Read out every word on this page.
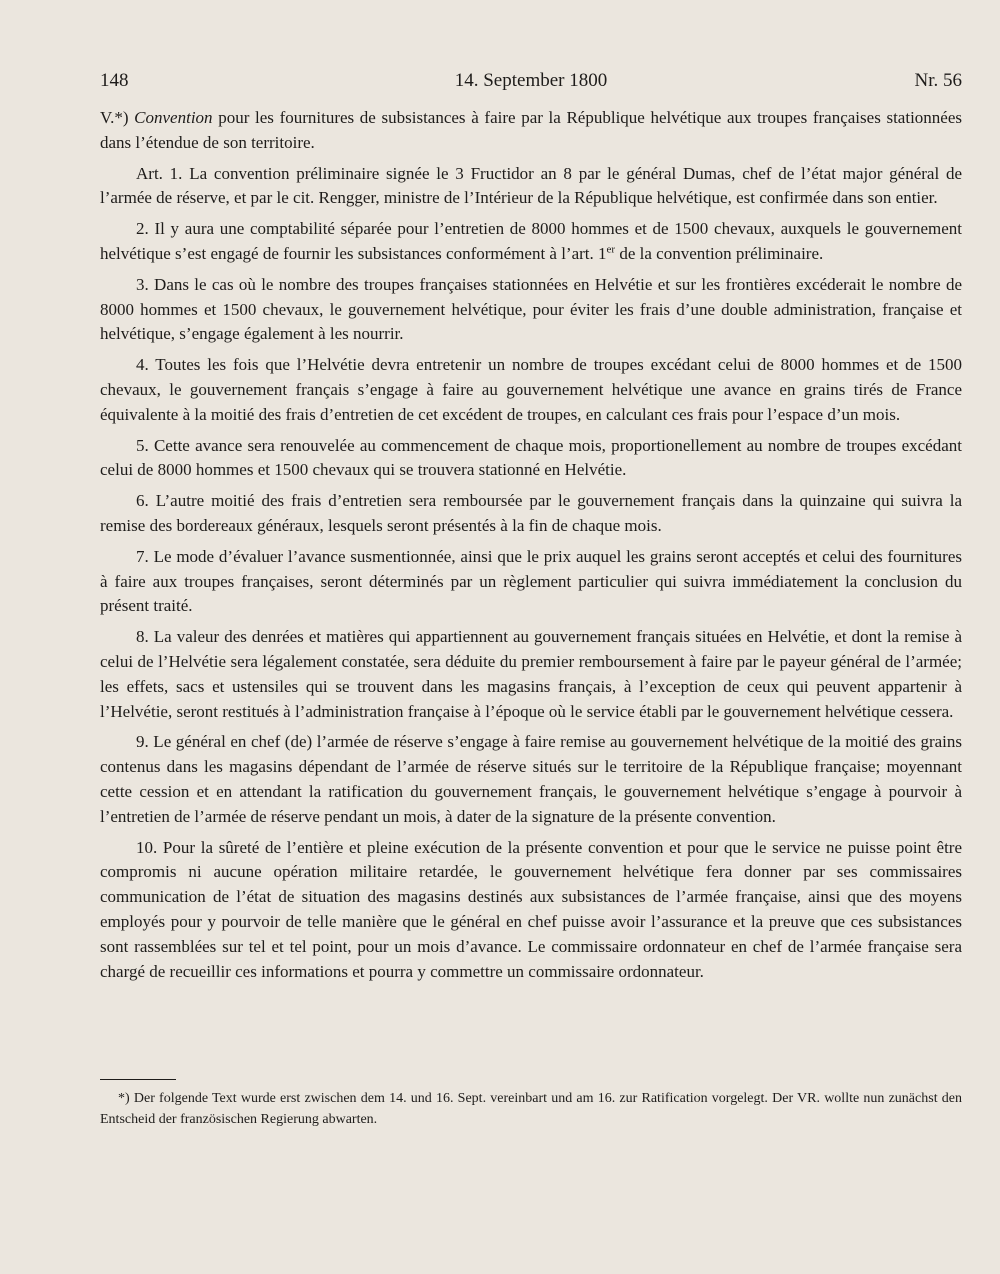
148	14. September 1800	Nr. 56

V.*) Convention pour les fournitures de subsistances à faire par la République helvétique aux troupes françaises stationnées dans l’étendue de son territoire.

Art. 1. La convention préliminaire signée le 3 Fructidor an 8 par le général Dumas, chef de l’état major général de l’armée de réserve, et par le cit. Rengger, ministre de l’Intérieur de la République helvétique, est confirmée dans son entier.

2. Il y aura une comptabilité séparée pour l’entretien de 8000 hommes et de 1500 chevaux, auxquels le gouvernement helvétique s’est engagé de fournir les subsistances conformément à l’art. 1er de la convention préliminaire.

3. Dans le cas où le nombre des troupes françaises stationnées en Helvétie et sur les frontières excéderait le nombre de 8000 hommes et 1500 chevaux, le gouvernement helvétique, pour éviter les frais d’une double administration, française et helvétique, s’engage également à les nourrir.

4. Toutes les fois que l’Helvétie devra entretenir un nombre de troupes excédant celui de 8000 hommes et de 1500 chevaux, le gouvernement français s’engage à faire au gouvernement helvétique une avance en grains tirés de France équivalente à la moitié des frais d’entretien de cet excédent de troupes, en calculant ces frais pour l’espace d’un mois.

5. Cette avance sera renouvelée au commencement de chaque mois, proportionellement au nombre de troupes excédant celui de 8000 hommes et 1500 chevaux qui se trouvera stationné en Helvétie.

6. L’autre moitié des frais d’entretien sera remboursée par le gouvernement français dans la quinzaine qui suivra la remise des bordereaux généraux, lesquels seront présentés à la fin de chaque mois.

7. Le mode d’évaluer l’avance susmentionnée, ainsi que le prix auquel les grains seront acceptés et celui des fournitures à faire aux troupes françaises, seront déterminés par un règlement particulier qui suivra immédiatement la conclusion du présent traité.

8. La valeur des denrées et matières qui appartiennent au gouvernement français situées en Helvétie, et dont la remise à celui de l’Helvétie sera légalement constatée, sera déduite du premier remboursement à faire par le payeur général de l’armée; les effets, sacs et ustensiles qui se trouvent dans les magasins français, à l’exception de ceux qui peuvent appartenir à l’Helvétie, seront restitués à l’administration française à l’époque où le service établi par le gouvernement helvétique cessera.

9. Le général en chef (de) l’armée de réserve s’engage à faire remise au gouvernement helvétique de la moitié des grains contenus dans les magasins dépendant de l’armée de réserve situés sur le territoire de la République française; moyennant cette cession et en attendant la ratification du gouvernement français, le gouvernement helvétique s’engage à pourvoir à l’entretien de l’armée de réserve pendant un mois, à dater de la signature de la présente convention.

10. Pour la sûreté de l’entière et pleine exécution de la présente convention et pour que le service ne puisse point être compromis ni aucune opération militaire retardée, le gouvernement helvétique fera donner par ses commissaires communication de l’état de situation des magasins destinés aux subsistances de l’armée française, ainsi que des moyens employés pour y pourvoir de telle manière que le général en chef puisse avoir l’assurance et la preuve que ces subsistances sont rassemblées sur tel et tel point, pour un mois d’avance. Le commissaire ordonnateur en chef de l’armée française sera chargé de recueillir ces informations et pourra y commettre un commissaire ordonnateur.

*) Der folgende Text wurde erst zwischen dem 14. und 16. Sept. vereinbart und am 16. zur Ratification vorgelegt. Der VR. wollte nun zunächst den Entscheid der französischen Regierung abwarten.
